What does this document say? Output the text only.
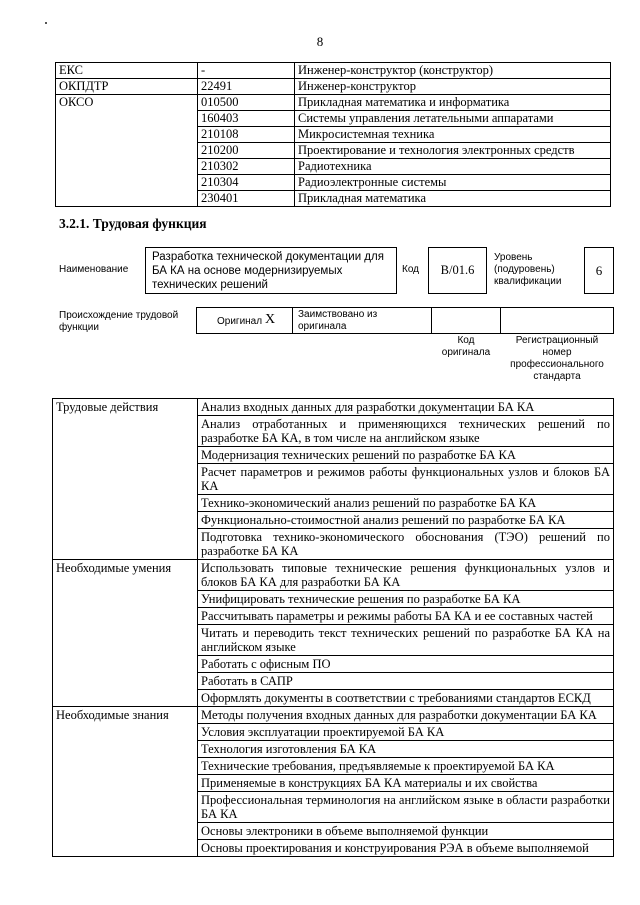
8
ЕКС	-	Инженер-конструктор (конструктор)
ОКПДТР	22491	Инженер-конструктор
ОКСО	010500	Прикладная математика и информатика
	160403	Системы управления летательными аппаратами
	210108	Микросистемная техника
	210200	Проектирование и технология электронных средств
	210302	Радиотехника
	210304	Радиоэлектронные системы
	230401	Прикладная математика
3.2.1. Трудовая функция
Наименование
Разработка технической документации для БА КА на основе модернизируемых технических решений
Код	B/01.6
Уровень (подуровень) квалификации
6
Происхождение трудовой функции
Оригинал X Заимствовано из оригинала
Код оригинала
Регистрационный номер профессионального стандарта
Трудовые действия	Анализ входных данных для разработки документации БА КА
	Анализ отработанных и применяющихся технических решений по разработке БА КА, в том числе на английском языке
	Модернизация технических решений по разработке БА КА
	Расчет параметров и режимов работы функциональных узлов и блоков БА КА
	Технико-экономический анализ решений по разработке БА КА
	Функционально-стоимостной анализ решений по разработке БА КА
	Подготовка технико-экономического обоснования (ТЭО) решений по разработке БА КА
Необходимые умения	Использовать типовые технические решения функциональных узлов и блоков БА КА для разработки БА КА
	Унифицировать технические решения по разработке БА КА
	Рассчитывать параметры и режимы работы БА КА и ее составных частей
	Читать и переводить текст технических решений по разработке БА КА на английском языке
	Работать с офисным ПО
	Работать в САПР
	Оформлять документы в соответствии с требованиями стандартов ЕСКД
Необходимые знания	Методы получения входных данных для разработки документации БА КА
	Условия эксплуатации проектируемой БА КА
	Технология изготовления БА КА
	Технические требования, предъявляемые к проектируемой БА КА
	Применяемые в конструкциях БА КА материалы и их свойства
	Профессиональная терминология на английском языке в области разработки БА КА
	Основы электроники в объеме выполняемой функции
	Основы проектирования и конструирования РЭА в объеме выполняемой
